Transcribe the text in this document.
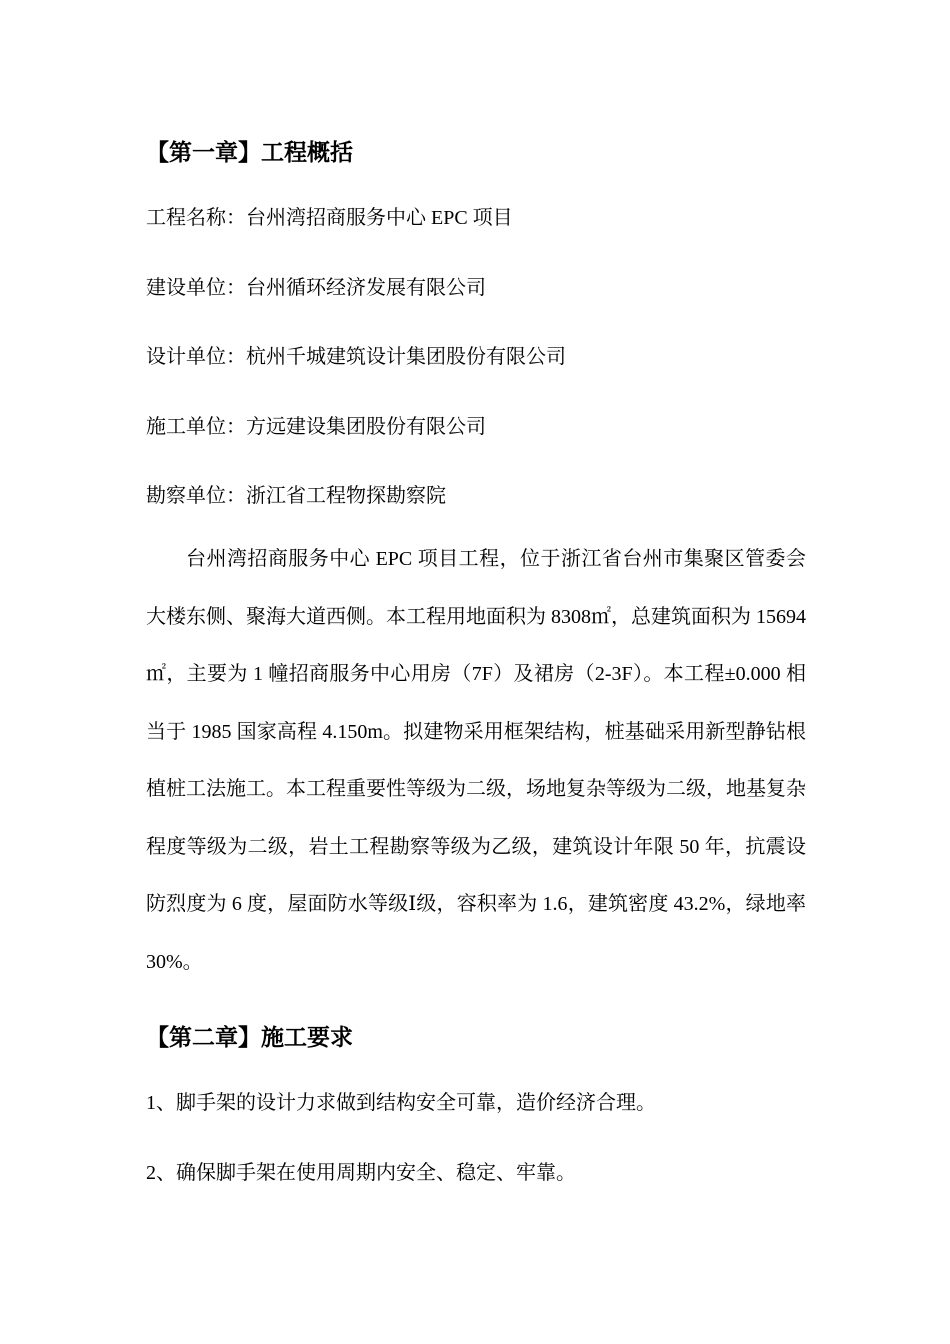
【第一章】工程概括

工程名称：台州湾招商服务中心 EPC 项目

建设单位：台州循环经济发展有限公司

设计单位：杭州千城建筑设计集团股份有限公司

施工单位：方远建设集团股份有限公司

勘察单位：浙江省工程物探勘察院

台州湾招商服务中心 EPC 项目工程，位于浙江省台州市集聚区管委会大楼东侧、聚海大道西侧。本工程用地面积为 8308㎡，总建筑面积为 15694㎡，主要为 1 幢招商服务中心用房（7F）及裙房（2-3F）。本工程±0.000 相当于 1985 国家高程 4.150m。拟建物采用框架结构，桩基础采用新型静钻根植桩工法施工。本工程重要性等级为二级，场地复杂等级为二级，地基复杂程度等级为二级，岩土工程勘察等级为乙级，建筑设计年限 50 年，抗震设防烈度为 6 度，屋面防水等级Ⅰ级，容积率为 1.6，建筑密度 43.2%，绿地率 30%。

【第二章】施工要求

1、脚手架的设计力求做到结构安全可靠，造价经济合理。

2、确保脚手架在使用周期内安全、稳定、牢靠。
